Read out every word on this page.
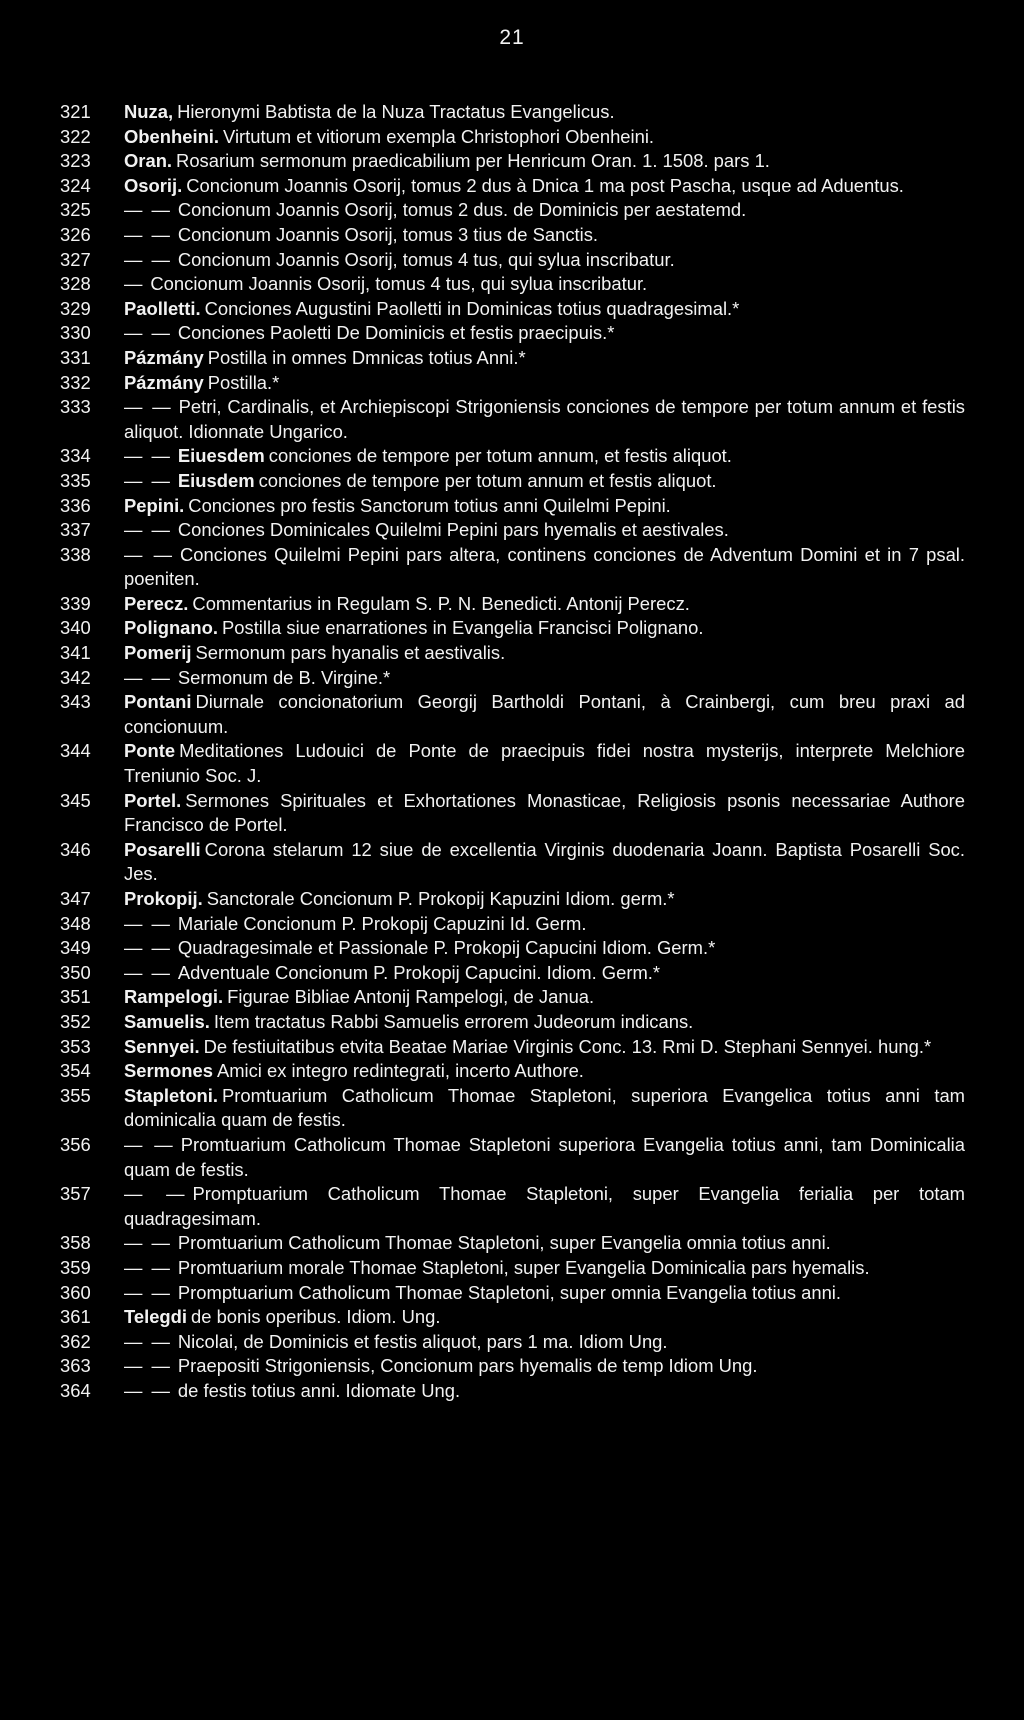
21
321	Nuza, Hieronymi Babtista de la Nuza Tractatus Evangelicus.
322	Obenheini. Virtutum et vitiorum exempla Christophori Obenheini.
323	Oran. Rosarium sermonum praedicabilium per Henricum Oran. 1. 1508. pars 1.
324	Osorij. Concionum Joannis Osorij, tomus 2 dus à Dnica 1 ma post Pascha, usque ad Aduentus.
325	— — Concionum Joannis Osorij, tomus 2 dus. de Dominicis per aestatemd.
326	— — Concionum Joannis Osorij, tomus 3 tius de Sanctis.
327	— — Concionum Joannis Osorij, tomus 4 tus, qui sylua inscribatur.
328	— Concionum Joannis Osorij, tomus 4 tus, qui sylua inscribatur.
329	Paolletti. Conciones Augustini Paolletti in Dominicas totius quadragesimal.*
330	— — Conciones Paoletti De Dominicis et festis praecipuis.*
331	Pázmány Postilla in omnes Dmnicas totius Anni.*
332	Pázmány Postilla.*
333	— — Petri, Cardinalis, et Archiepiscopi Strigoniensis conciones de tempore per totum annum et festis aliquot. Idionnate Ungarico.
334	— — Eiuesdem conciones de tempore per totum annum, et festis aliquot.
335	— — Eiusdem conciones de tempore per totum annum et festis aliquot.
336	Pepini. Conciones pro festis Sanctorum totius anni Quilelmi Pepini.
337	— — Conciones Dominicales Quilelmi Pepini pars hyemalis et aestivales.
338	— — Conciones Quilelmi Pepini pars altera, continens conciones de Adventum Domini et in 7 psal. poeniten.
339	Perecz. Commentarius in Regulam S. P. N. Benedicti. Antonij Perecz.
340	Polignano. Postilla siue enarrationes in Evangelia Francisci Polignano.
341	Pomerij Sermonum pars hyanalis et aestivalis.
342	— — Sermonum de B. Virgine.*
343	Pontani Diurnale concionatorium Georgij Bartholdi Pontani, à Crainbergi, cum breu praxi ad concionuum.
344	Ponte Meditationes Ludouici de Ponte de praecipuis fidei nostra mysterijs, interprete Melchiore Treniunio Soc. J.
345	Portel. Sermones Spirituales et Exhortationes Monasticae, Religiosis psonis necessariae Authore Francisco de Portel.
346	Posarelli Corona stelarum 12 siue de excellentia Virginis duodenaria Joann. Baptista Posarelli Soc. Jes.
347	Prokopij. Sanctorale Concionum P. Prokopij Kapuzini Idiom. germ.*
348	— — Mariale Concionum P. Prokopij Capuzini Id. Germ.
349	— — Quadragesimale et Passionale P. Prokopij Capucini Idiom. Germ.*
350	— — Adventuale Concionum P. Prokopij Capucini. Idiom. Germ.*
351	Rampelogi. Figurae Bibliae Antonij Rampelogi, de Janua.
352	Samuelis. Item tractatus Rabbi Samuelis errorem Judeorum indicans.
353	Sennyei. De festiuitatibus etvita Beatae Mariae Virginis Conc. 13. Rmi D. Stephani Sennyei. hung.*
354	Sermones Amici ex integro redintegrati, incerto Authore.
355	Stapletoni. Promtuarium Catholicum Thomae Stapletoni, superiora Evangelica totius anni tam dominicalia quam de festis.
356	— — Promtuarium Catholicum Thomae Stapletoni superiora Evangelia totius anni, tam Dominicalia quam de festis.
357	— — Promptuarium Catholicum Thomae Stapletoni, super Evangelia ferialia per totam quadragesimam.
358	— — Promtuarium Catholicum Thomae Stapletoni, super Evangelia omnia totius anni.
359	— — Promtuarium morale Thomae Stapletoni, super Evangelia Dominicalia pars hyemalis.
360	— — Promptuarium Catholicum Thomae Stapletoni, super omnia Evangelia totius anni.
361	Telegdi de bonis operibus. Idiom. Ung.
362	— — Nicolai, de Dominicis et festis aliquot, pars 1 ma. Idiom Ung.
363	— — Praepositi Strigoniensis, Concionum pars hyemalis de temp Idiom Ung.
364	— — de festis totius anni. Idiomate Ung.
